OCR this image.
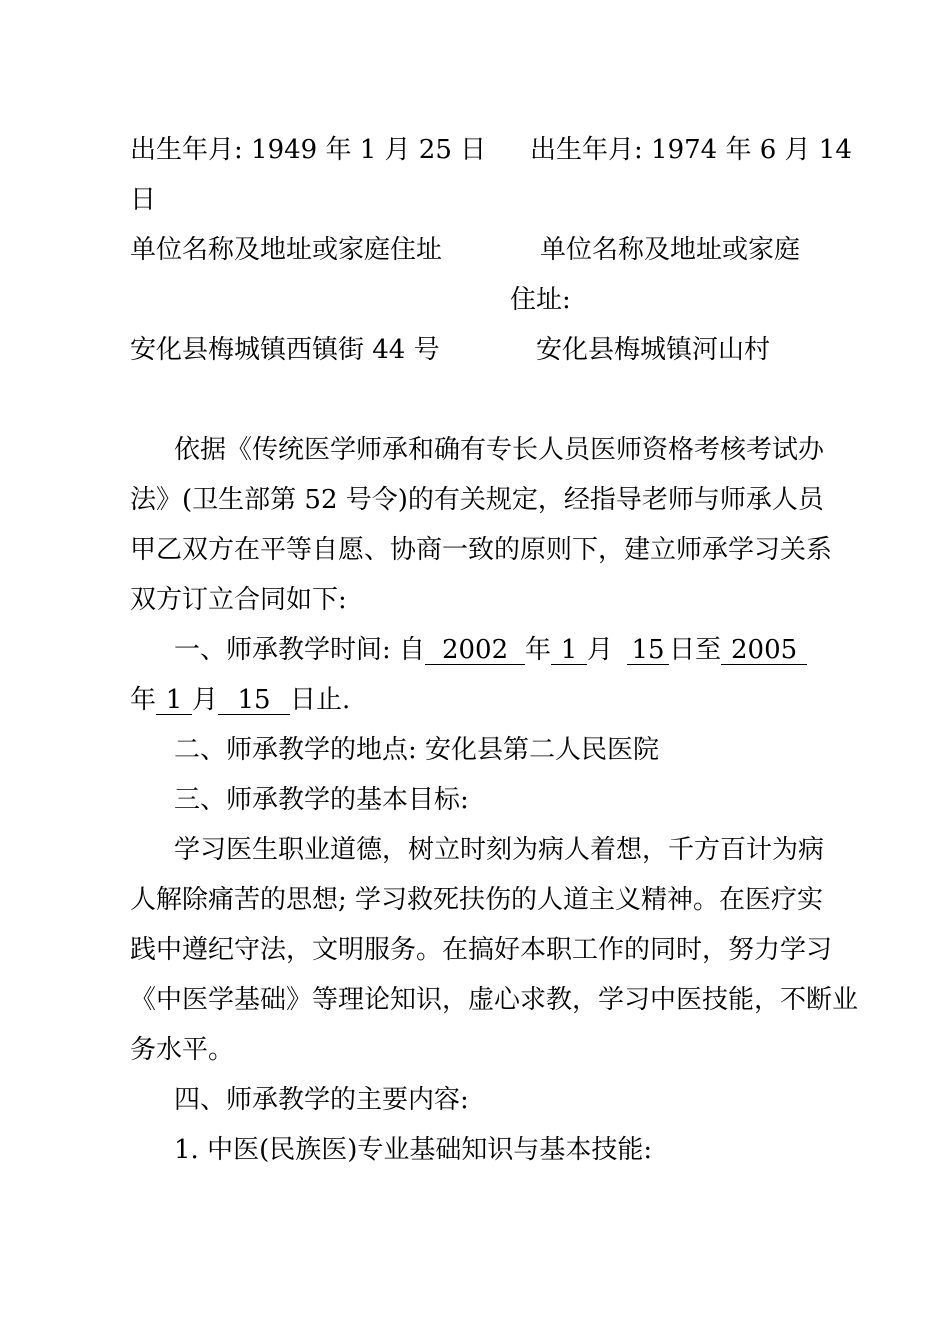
出生年月: 1949 年 1 月 25 日 出生年月: 1974 年 6 月 14
日
单位名称及地址或家庭住址	单位名称及地址或家庭
住址:
安化县梅城镇西镇街 44 号	安化县梅城镇河山村
依据《传统医学师承和确有专长人员医师资格考核考试办
法》(卫生部第 52 号令)的有关规定，经指导老师与师承人员
甲乙双方在平等自愿、协商一致的原则下，建立师承学习关系
双方订立合同如下:
一、师承教学时间: 自 2002 年 1 月 15 日至 2005
年 1 月 15 日止.
二、师承教学的地点: 安化县第二人民医院
三、师承教学的基本目标:
学习医生职业道德，树立时刻为病人着想，千方百计为病
人解除痛苦的思想; 学习救死扶伤的人道主义精神。在医疗实
践中遵纪守法，文明服务。在搞好本职工作的同时，努力学习
《中医学基础》等理论知识，虚心求教，学习中医技能，不断业
务水平。
四、师承教学的主要内容:
1. 中医(民族医)专业基础知识与基本技能:
